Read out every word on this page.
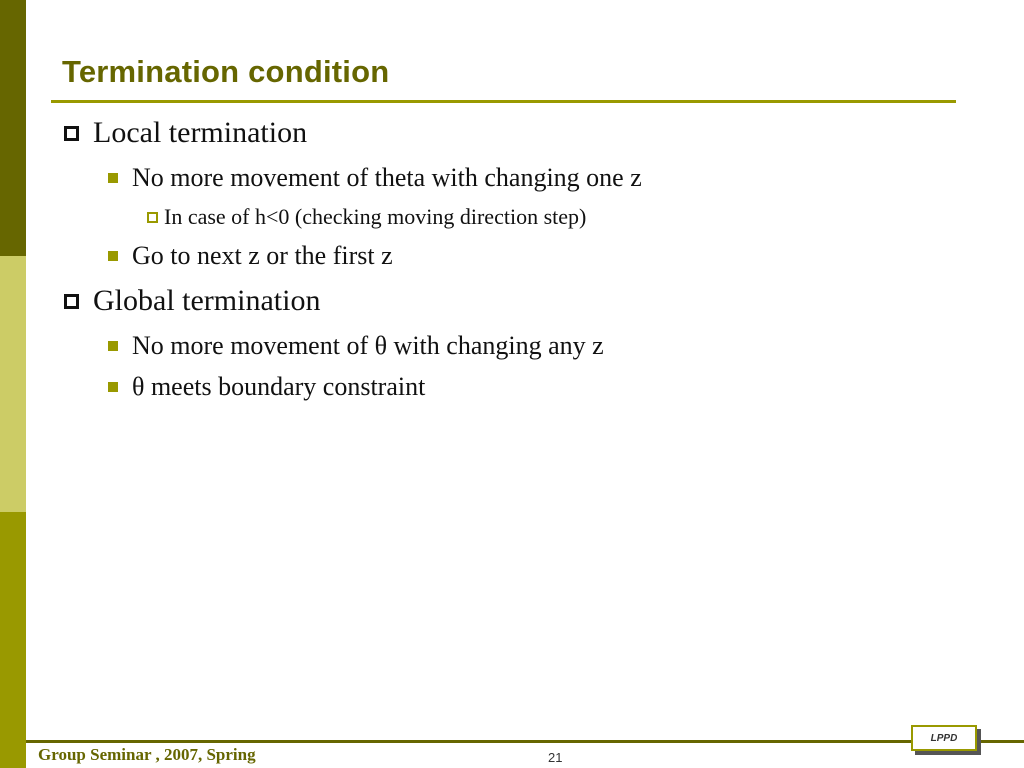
Termination condition
Local termination
No more movement of theta with changing one z
In case of h<0 (checking moving direction step)
Go to next z or the first z
Global termination
No more movement of θ with changing any z
θ meets boundary constraint
Group Seminar , 2007, Spring	21
LPPD
